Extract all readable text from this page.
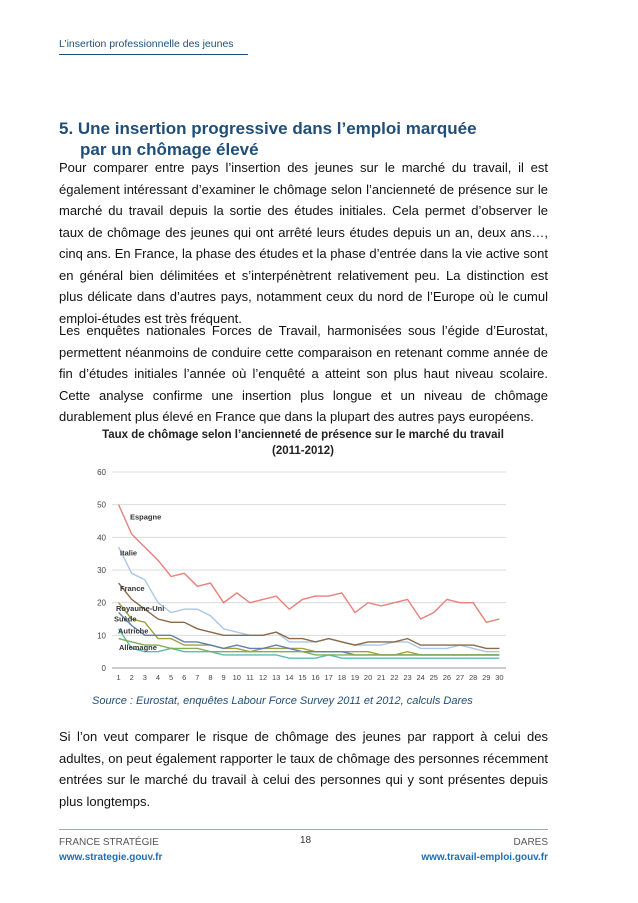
L’insertion professionnelle des jeunes
5. Une insertion progressive dans l’emploi marquée
par un chômage élevé

Pour comparer entre pays l’insertion des jeunes sur le marché du travail, il est également intéressant d’examiner le chômage selon l’ancienneté de présence sur le marché du travail depuis la sortie des études initiales. Cela permet d’observer le taux de chômage des jeunes qui ont arrêté leurs études depuis un an, deux ans…, cinq ans. En France, la phase des études et la phase d’entrée dans la vie active sont en général bien délimitées et s’interpénètrent relativement peu. La distinction est plus délicate dans d’autres pays, notamment ceux du nord de l’Europe où le cumul emploi-études est très fréquent.

Les enquêtes nationales Forces de Travail, harmonisées sous l’égide d’Eurostat, permettent néanmoins de conduire cette comparaison en retenant comme année de fin d’études initiales l’année où l’enquêté a atteint son plus haut niveau scolaire. Cette analyse confirme une insertion plus longue et un niveau de chômage durablement plus élevé en France que dans la plupart des autres pays européens.

Taux de chômage selon l’ancienneté de présence sur le marché du travail
(2011-2012)
0
10
20
30
40
50
60
1 2 3 4 5 6 7 8 9 10 11 12 13 14 15 16 17 18 19 20 21 22 23 24 25 26 27 28 29 30
Espagne
Italie
France
Royaume-Uni
Suède
Autriche
Allemagne
Source : Eurostat, enquêtes Labour Force Survey 2011 et 2012, calculs Dares

Si l’on veut comparer le risque de chômage des jeunes par rapport à celui des adultes, on peut également rapporter le taux de chômage des personnes récemment entrées sur le marché du travail à celui des personnes qui y sont présentes depuis plus longtemps.

FRANCE STRATÉGIE
www.strategie.gouv.fr
18	DARES
www.travail-emploi.gouv.fr
